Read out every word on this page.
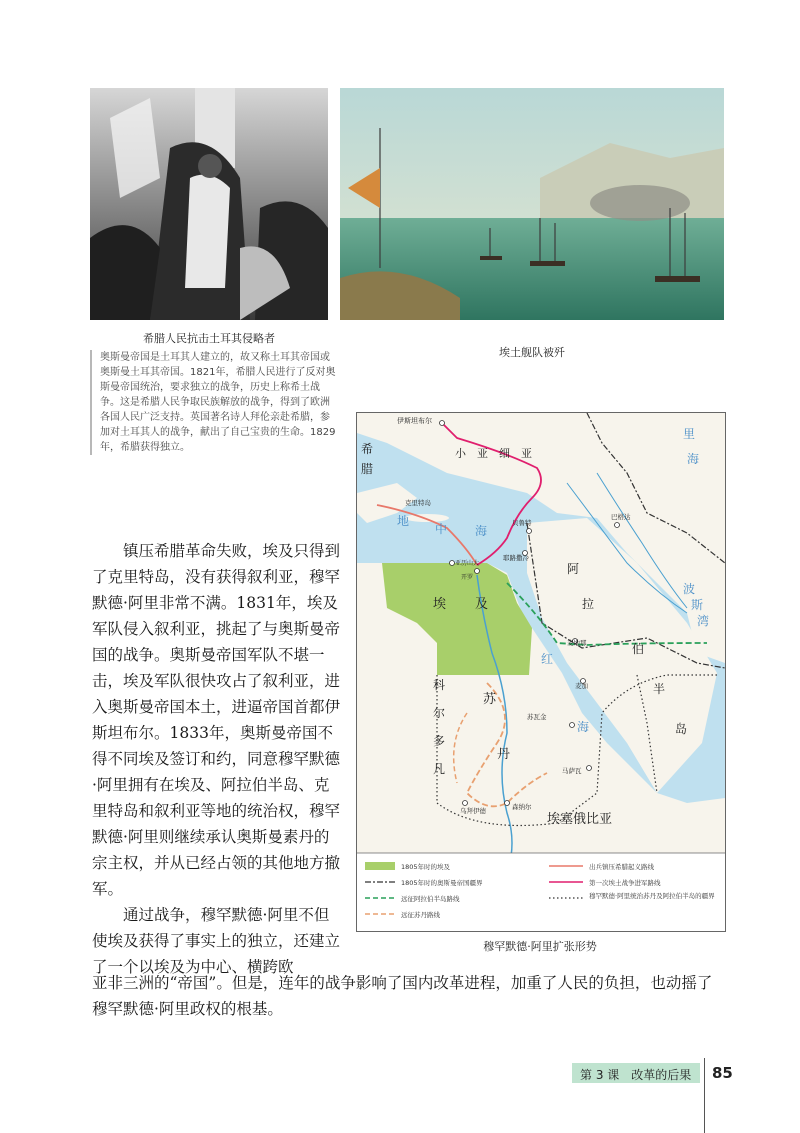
希腊人民抗击土耳其侵略者
埃土舰队被歼
奥斯曼帝国是土耳其人建立的，故又称土耳其帝国或奥斯曼土耳其帝国。1821年，希腊人民进行了反对奥斯曼帝国统治，要求独立的战争，历史上称希土战争。这是希腊人民争取民族解放的战争，得到了欧洲各国人民广泛支持。英国著名诗人拜伦亲赴希腊，参加对土耳其人的战争，献出了自己宝贵的生命。1829年，希腊获得独立。

镇压希腊革命失败，埃及只得到了克里特岛，没有获得叙利亚，穆罕默德·阿里非常不满。1831年，埃及军队侵入叙利亚，挑起了与奥斯曼帝国的战争。奥斯曼帝国军队不堪一击，埃及军队很快攻占了叙利亚，进入奥斯曼帝国本土，进逼帝国首都伊斯坦布尔。1833年，奥斯曼帝国不得不同埃及签订和约，同意穆罕默德·阿里拥有在埃及、阿拉伯半岛、克里特岛和叙利亚等地的统治权，穆罕默德·阿里则继续承认奥斯曼素丹的宗主权，并从已经占领的其他地方撤军。

通过战争，穆罕默德·阿里不但使埃及获得了事实上的独立，还建立了一个以埃及为中心、横跨欧

亚非三洲的“帝国”。但是，连年的战争影响了国内改革进程，加重了人民的负担，也动摇了穆罕默德·阿里政权的根基。

伊斯坦布尔
希
腊
小　亚　细　亚
克里特岛
贝鲁特
耶路撒冷
巴格达
亚历山大
开罗
阿
拉
伯
半
岛
麦地那
麦加
埃 及
科
尔
多
凡
苏
丹
苏瓦金
马萨瓦
乌拜伊德	森纳尔
埃塞俄比亚
地
中 海
里
海
波
斯
湾
红
海
1805年时的埃及
1805年时的奥斯曼帝国疆界
远征阿拉伯半岛路线
远征苏丹路线
出兵镇压希腊起义路线
第一次埃土战争进军路线
穆罕默德·阿里统治苏丹及阿拉伯半岛的疆界
穆罕默德·阿里扩张形势
第 3 课　改革的后果 85
